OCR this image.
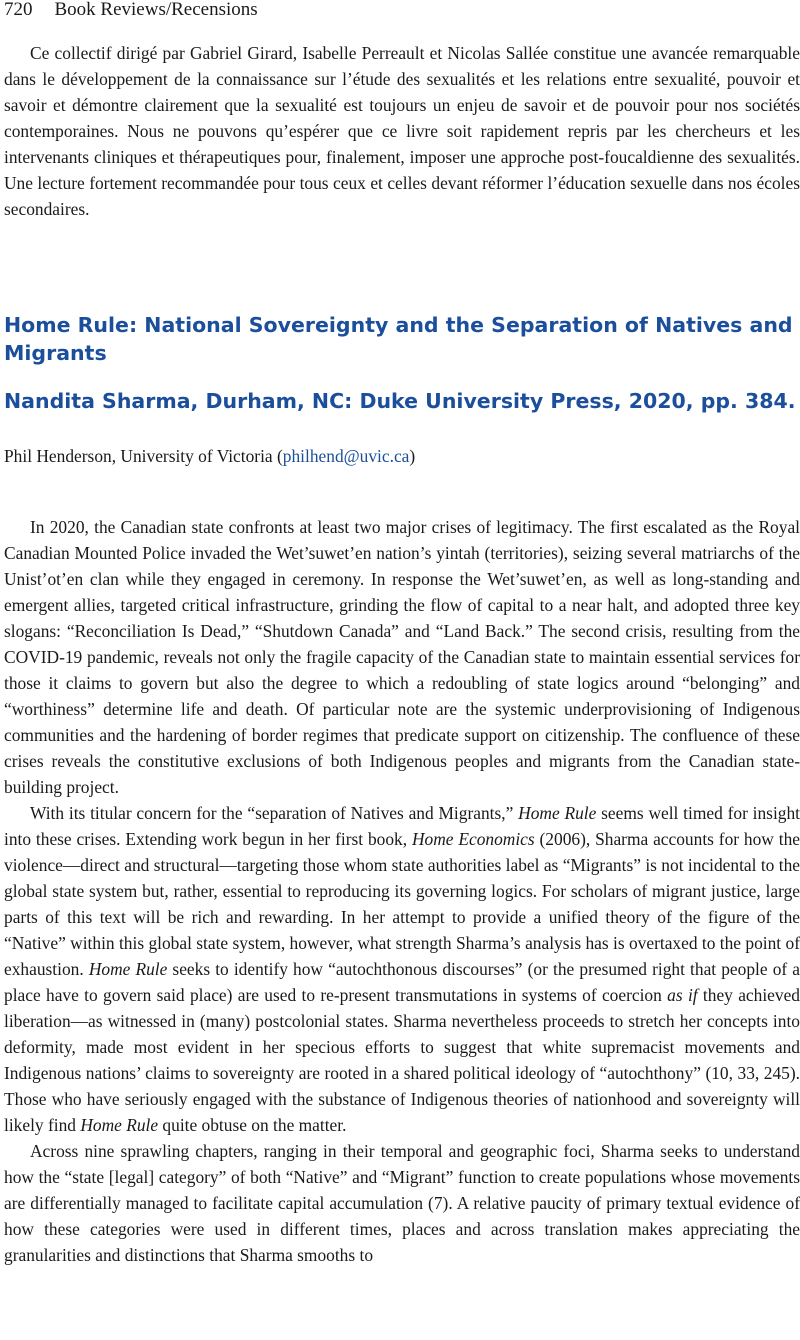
720 Book Reviews/Recensions

Ce collectif dirigé par Gabriel Girard, Isabelle Perreault et Nicolas Sallée constitue une avancée remarquable dans le développement de la connaissance sur l’étude des sexualités et les relations entre sexualité, pouvoir et savoir et démontre clairement que la sexualité est toujours un enjeu de savoir et de pouvoir pour nos sociétés contemporaines. Nous ne pouvons qu’espérer que ce livre soit rapidement repris par les chercheurs et les intervenants cliniques et thérapeutiques pour, finalement, imposer une approche post-foucaldienne des sexualités. Une lecture fortement recommandée pour tous ceux et celles devant réformer l’éducation sexuelle dans nos écoles secondaires.

Home Rule: National Sovereignty and the Separation of Natives and Migrants
Nandita Sharma, Durham, NC: Duke University Press, 2020, pp. 384.
Phil Henderson, University of Victoria (philhend@uvic.ca)

In 2020, the Canadian state confronts at least two major crises of legitimacy. The first escalated as the Royal Canadian Mounted Police invaded the Wet’suwet’en nation’s yintah (territories), seizing several matriarchs of the Unist’ot’en clan while they engaged in ceremony. In response the Wet’suwet’en, as well as long-standing and emergent allies, targeted critical infrastructure, grinding the flow of capital to a near halt, and adopted three key slogans: “Reconciliation Is Dead,” “Shutdown Canada” and “Land Back.” The second crisis, resulting from the COVID-19 pandemic, reveals not only the fragile capacity of the Canadian state to maintain essential services for those it claims to govern but also the degree to which a redoubling of state logics around “belonging” and “worthiness” determine life and death. Of particular note are the systemic underprovisioning of Indigenous communities and the hardening of border regimes that predicate support on citizenship. The confluence of these crises reveals the constitutive exclusions of both Indigenous peoples and migrants from the Canadian state-building project.

With its titular concern for the “separation of Natives and Migrants,” Home Rule seems well timed for insight into these crises. Extending work begun in her first book, Home Economics (2006), Sharma accounts for how the violence—direct and structural—targeting those whom state authorities label as “Migrants” is not incidental to the global state system but, rather, essential to reproducing its governing logics. For scholars of migrant justice, large parts of this text will be rich and rewarding. In her attempt to provide a unified theory of the figure of the “Native” within this global state system, however, what strength Sharma’s analysis has is overtaxed to the point of exhaustion. Home Rule seeks to identify how “autochthonous discourses” (or the presumed right that people of a place have to govern said place) are used to re-present transmutations in systems of coercion as if they achieved liberation—as witnessed in (many) postcolonial states. Sharma nevertheless proceeds to stretch her concepts into deformity, made most evident in her specious efforts to suggest that white supremacist movements and Indigenous nations’ claims to sovereignty are rooted in a shared political ideology of “autochthony” (10, 33, 245). Those who have seriously engaged with the substance of Indigenous theories of nationhood and sovereignty will likely find Home Rule quite obtuse on the matter.

Across nine sprawling chapters, ranging in their temporal and geographic foci, Sharma seeks to understand how the “state [legal] category” of both “Native” and “Migrant” function to create populations whose movements are differentially managed to facilitate capital accumulation (7). A relative paucity of primary textual evidence of how these categories were used in different times, places and across translation makes appreciating the granularities and distinctions that Sharma smooths to
